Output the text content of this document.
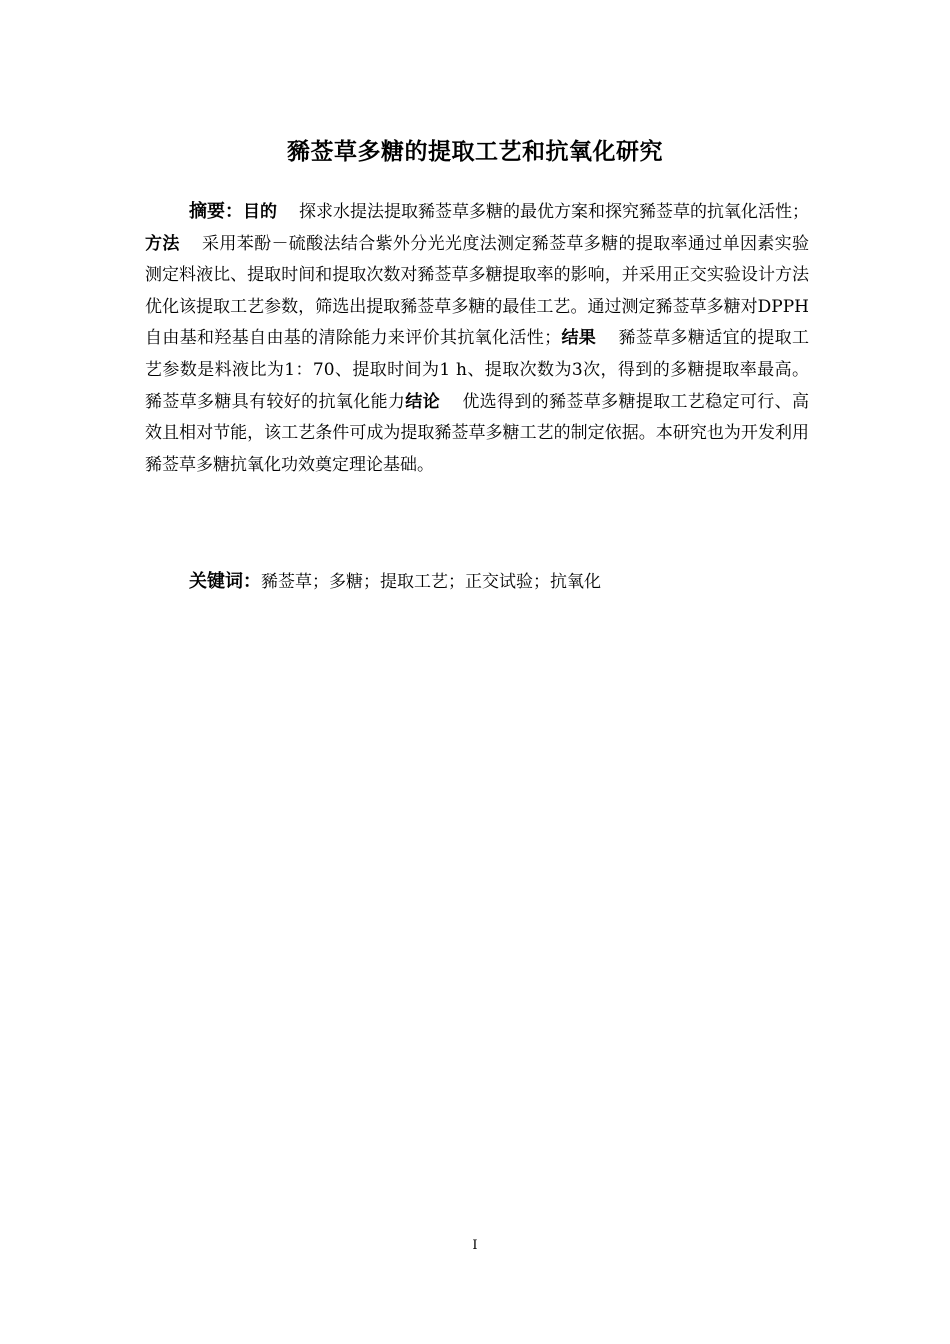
豨莶草多糖的提取工艺和抗氧化研究

摘要：目的 探求水提法提取豨莶草多糖的最优方案和探究豨莶草的抗氧化活性；方法 采用苯酚－硫酸法结合紫外分光光度法测定豨莶草多糖的提取率通过单因素实验测定料液比、提取时间和提取次数对豨莶草多糖提取率的影响，并采用正交实验设计方法优化该提取工艺参数，筛选出提取豨莶草多糖的最佳工艺。通过测定豨莶草多糖对DPPH自由基和羟基自由基的清除能力来评价其抗氧化活性；结果 豨莶草多糖适宜的提取工艺参数是料液比为1：70、提取时间为1 h、提取次数为3次，得到的多糖提取率最高。豨莶草多糖具有较好的抗氧化能力结论 优选得到的豨莶草多糖提取工艺稳定可行、高效且相对节能，该工艺条件可成为提取豨莶草多糖工艺的制定依据。本研究也为开发利用豨莶草多糖抗氧化功效奠定理论基础。

关键词：豨莶草；多糖；提取工艺；正交试验；抗氧化
I
